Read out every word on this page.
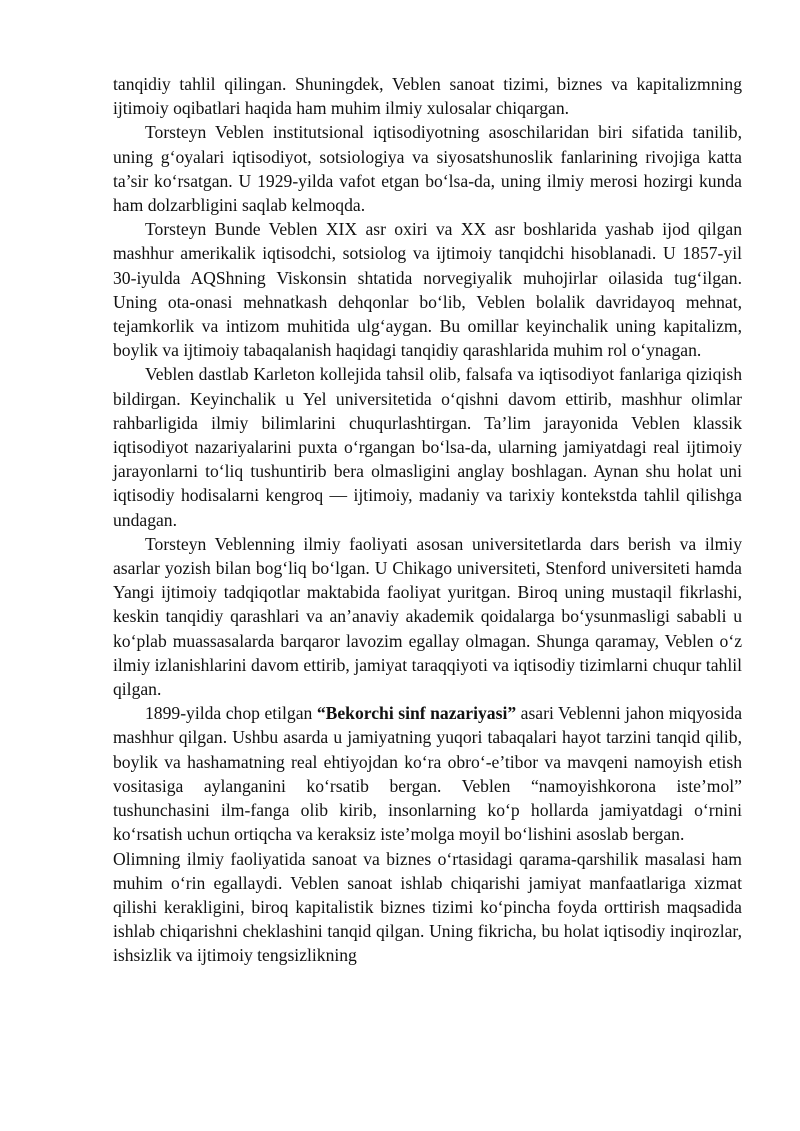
tanqidiy tahlil qilingan. Shuningdek, Veblen sanoat tizimi, biznes va kapitalizmning ijtimoiy oqibatlari haqida ham muhim ilmiy xulosalar chiqargan.

Torsteyn Veblen institutsional iqtisodiyotning asoschilaridan biri sifatida tanilib, uning g‘oyalari iqtisodiyot, sotsiologiya va siyosatshunoslik fanlarining rivojiga katta ta’sir ko‘rsatgan. U 1929-yilda vafot etgan bo‘lsa-da, uning ilmiy merosi hozirgi kunda ham dolzarbligini saqlab kelmoqda.

Torsteyn Bunde Veblen XIX asr oxiri va XX asr boshlarida yashab ijod qilgan mashhur amerikalik iqtisodchi, sotsiolog va ijtimoiy tanqidchi hisoblanadi. U 1857-yil 30-iyulda AQShning Viskonsin shtatida norvegiyalik muhojirlar oilasida tug‘ilgan. Uning ota-onasi mehnatkash dehqonlar bo‘lib, Veblen bolalik davridayoq mehnat, tejamkorlik va intizom muhitida ulg‘aygan. Bu omillar keyinchalik uning kapitalizm, boylik va ijtimoiy tabaqalanish haqidagi tanqidiy qarashlarida muhim rol o‘ynagan.

Veblen dastlab Karleton kollejida tahsil olib, falsafa va iqtisodiyot fanlariga qiziqish bildirgan. Keyinchalik u Yel universitetida o‘qishni davom ettirib, mashhur olimlar rahbarligida ilmiy bilimlarini chuqurlashtirgan. Ta’lim jarayonida Veblen klassik iqtisodiyot nazariyalarini puxta o‘rgangan bo‘lsa-da, ularning jamiyatdagi real ijtimoiy jarayonlarni to‘liq tushuntirib bera olmasligini anglay boshlagan. Aynan shu holat uni iqtisodiy hodisalarni kengroq — ijtimoiy, madaniy va tarixiy kontekstda tahlil qilishga undagan.

Torsteyn Veblenning ilmiy faoliyati asosan universitetlarda dars berish va ilmiy asarlar yozish bilan bog‘liq bo‘lgan. U Chikago universiteti, Stenford universiteti hamda Yangi ijtimoiy tadqiqotlar maktabida faoliyat yuritgan. Biroq uning mustaqil fikrlashi, keskin tanqidiy qarashlari va an’anaviy akademik qoidalarga bo‘ysunmasligi sababli u ko‘plab muassasalarda barqaror lavozim egallay olmagan. Shunga qaramay, Veblen o‘z ilmiy izlanishlarini davom ettirib, jamiyat taraqqiyoti va iqtisodiy tizimlarni chuqur tahlil qilgan.

1899-yilda chop etilgan “Bekorchi sinf nazariyasi” asari Veblenni jahon miqyosida mashhur qilgan. Ushbu asarda u jamiyatning yuqori tabaqalari hayot tarzini tanqid qilib, boylik va hashamatning real ehtiyojdan ko‘ra obro‘-e’tibor va mavqeni namoyish etish vositasiga aylanganini ko‘rsatib bergan. Veblen “namoyishkorona iste’mol” tushunchasini ilm-fanga olib kirib, insonlarning ko‘p hollarda jamiyatdagi o‘rnini ko‘rsatish uchun ortiqcha va keraksiz iste’molga moyil bo‘lishini asoslab bergan.

Olimning ilmiy faoliyatida sanoat va biznes o‘rtasidagi qarama-qarshilik masalasi ham muhim o‘rin egallaydi. Veblen sanoat ishlab chiqarishi jamiyat manfaatlariga xizmat qilishi kerakligini, biroq kapitalistik biznes tizimi ko‘pincha foyda orttirish maqsadida ishlab chiqarishni cheklashini tanqid qilgan. Uning fikricha, bu holat iqtisodiy inqirozlar, ishsizlik va ijtimoiy tengsizlikning
